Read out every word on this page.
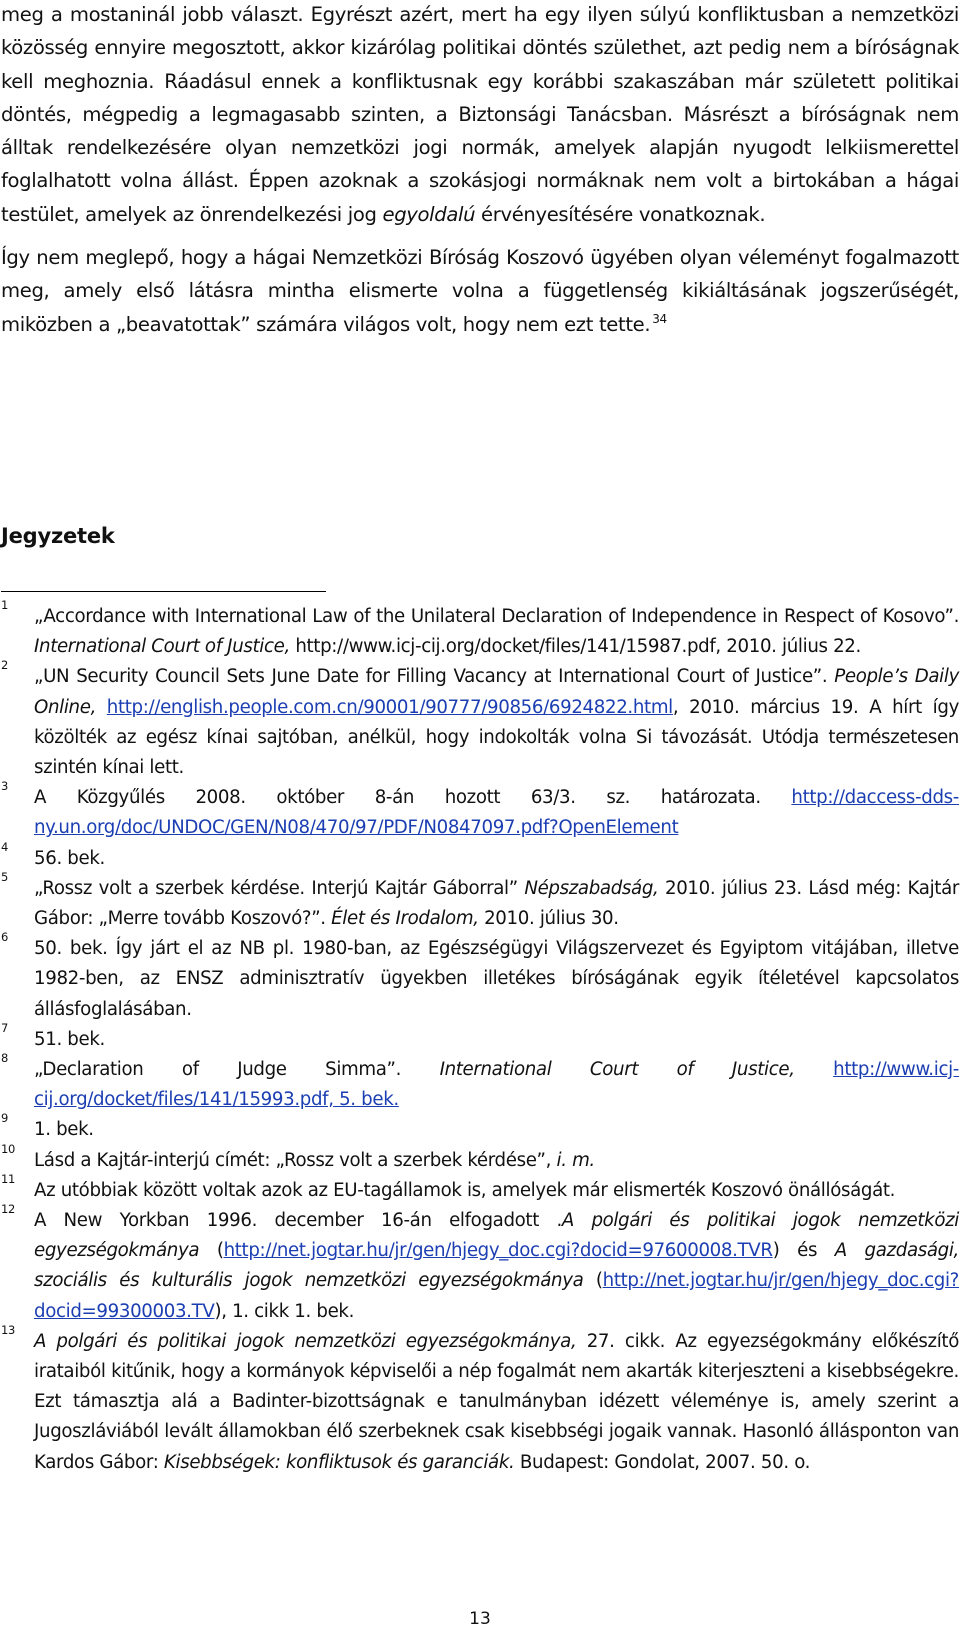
meg a mostaninál jobb választ. Egyrészt azért, mert ha egy ilyen súlyú konfliktusban a nemzetközi közösség ennyire megosztott, akkor kizárólag politikai döntés születhet, azt pedig nem a bíróságnak kell meghoznia. Ráadásul ennek a konfliktusnak egy korábbi szakaszában már született politikai döntés, mégpedig a legmagasabb szinten, a Biztonsági Tanácsban. Másrészt a bíróságnak nem álltak rendelkezésére olyan nemzetközi jogi normák, amelyek alapján nyugodt lelkiismerettel foglalhatott volna állást. Éppen azoknak a szokásjogi normáknak nem volt a birtokában a hágai testület, amelyek az önrendelkezési jog egyoldalú érvényesítésére vonatkoznak.

Így nem meglepő, hogy a hágai Nemzetközi Bíróság Koszovó ügyében olyan véleményt fogalmazott meg, amely első látásra mintha elismerte volna a függetlenség kikiáltásának jogszerűségét, miközben a „beavatottak” számára világos volt, hogy nem ezt tette. $^{34}$

Jegyzetek
1
„Accordance with International Law of the Unilateral Declaration of Independence in Respect of Kosovo”. International Court of Justice, http://www.icj-cij.org/docket/files/141/15987.pdf, 2010. július 22.
2
„UN Security Council Sets June Date for Filling Vacancy at International Court of Justice”. People’s Daily Online, http://english.people.com.cn/90001/90777/90856/6924822.html, 2010. március 19. A hírt így közölték az egész kínai sajtóban, anélkül, hogy indokolták volna Si távozását. Utódja természetesen szintén kínai lett.
3
A Közgyűlés 2008. október 8-án hozott 63/3. sz. határozata. http://daccess-dds-ny.un.org/doc/UNDOC/GEN/N08/470/97/PDF/N0847097.pdf?OpenElement
4
56. bek.
5
„Rossz volt a szerbek kérdése. Interjú Kajtár Gáborral” Népszabadság, 2010. július 23. Lásd még: Kajtár Gábor: „Merre tovább Koszovó?”. Élet és Irodalom, 2010. július 30.
6
50. bek. Így járt el az NB pl. 1980-ban, az Egészségügyi Világszervezet és Egyiptom vitájában, illetve 1982-ben, az ENSZ adminisztratív ügyekben illetékes bíróságának egyik ítéletével kapcsolatos állásfoglalásában.
7
51. bek.
8
„Declaration of Judge Simma”. International Court of Justice, http://www.icj-cij.org/docket/files/141/15993.pdf, 5. bek.
9
1. bek.
10
Lásd a Kajtár-interjú címét: „Rossz volt a szerbek kérdése”, i. m.
11
Az utóbbiak között voltak azok az EU-tagállamok is, amelyek már elismerték Koszovó önállóságát.
12
A New Yorkban 1996. december 16-án elfogadott .A polgári és politikai jogok nemzetközi egyezségokmánya (http://net.jogtar.hu/jr/gen/hjegy_doc.cgi?docid=97600008.TVR) és A gazdasági, szociális és kulturális jogok nemzetközi egyezségokmánya (http://net.jogtar.hu/jr/gen/hjegy_doc.cgi?docid=99300003.TV), 1. cikk 1. bek.
13
A polgári és politikai jogok nemzetközi egyezségokmánya, 27. cikk. Az egyezségokmány előkészítő irataiból kitűnik, hogy a kormányok képviselői a nép fogalmát nem akarták kiterjeszteni a kisebbségekre. Ezt támasztja alá a Badinter-bizottságnak e tanulmányban idézett véleménye is, amely szerint a Jugoszláviából levált államokban élő szerbeknek csak kisebbségi jogaik vannak. Hasonló állásponton van Kardos Gábor: Kisebbségek: konfliktusok és garanciák. Budapest: Gondolat, 2007. 50. o.
13
